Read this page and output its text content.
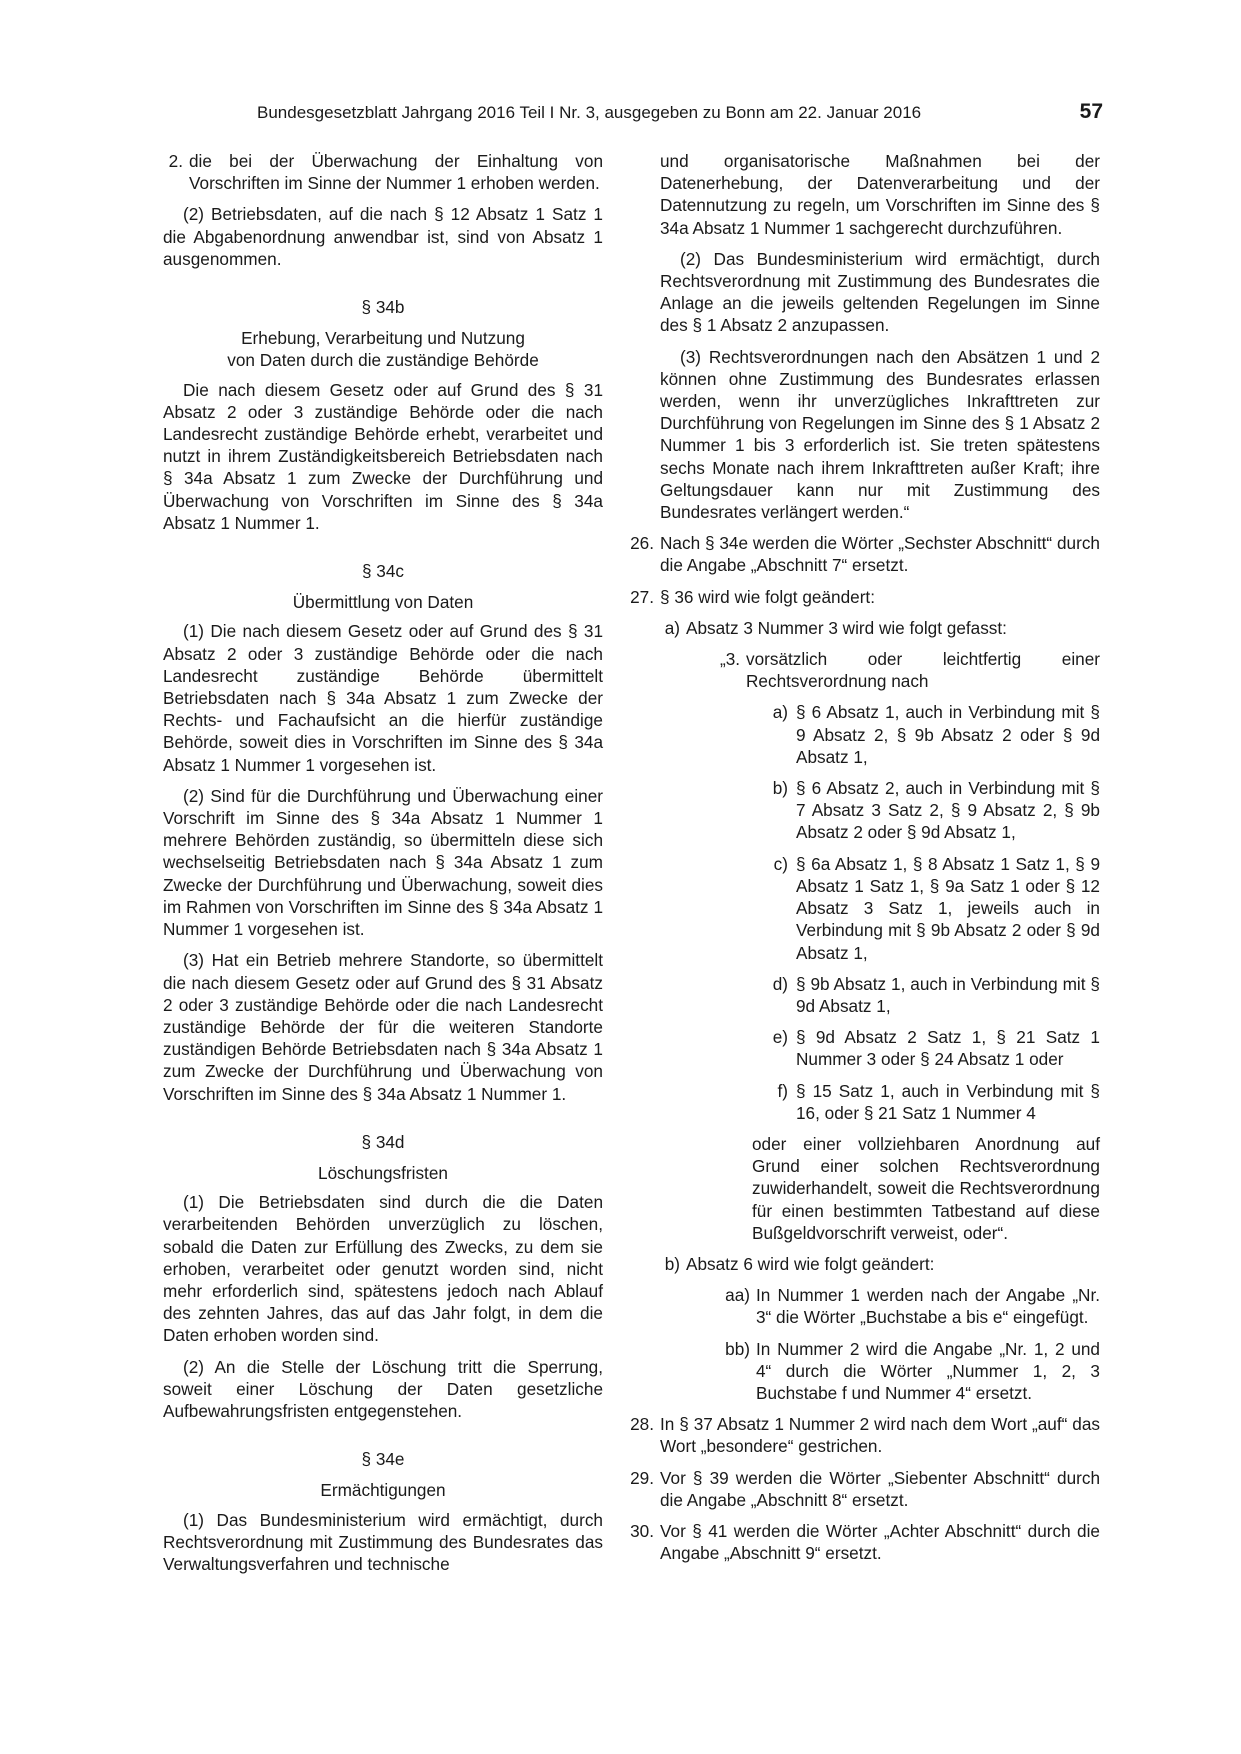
Bundesgesetzblatt Jahrgang 2016 Teil I Nr. 3, ausgegeben zu Bonn am 22. Januar 2016	57
2. die bei der Überwachung der Einhaltung von Vorschriften im Sinne der Nummer 1 erhoben werden.

(2) Betriebsdaten, auf die nach § 12 Absatz 1 Satz 1 die Abgabenordnung anwendbar ist, sind von Absatz 1 ausgenommen.

§ 34b
Erhebung, Verarbeitung und Nutzung
von Daten durch die zuständige Behörde

Die nach diesem Gesetz oder auf Grund des § 31 Absatz 2 oder 3 zuständige Behörde oder die nach Landesrecht zuständige Behörde erhebt, verarbeitet und nutzt in ihrem Zuständigkeitsbereich Betriebsdaten nach § 34a Absatz 1 zum Zwecke der Durchführung und Überwachung von Vorschriften im Sinne des § 34a Absatz 1 Nummer 1.

§ 34c
Übermittlung von Daten

(1) Die nach diesem Gesetz oder auf Grund des § 31 Absatz 2 oder 3 zuständige Behörde oder die nach Landesrecht zuständige Behörde übermittelt Betriebsdaten nach § 34a Absatz 1 zum Zwecke der Rechts- und Fachaufsicht an die hierfür zuständige Behörde, soweit dies in Vorschriften im Sinne des § 34a Absatz 1 Nummer 1 vorgesehen ist.

(2) Sind für die Durchführung und Überwachung einer Vorschrift im Sinne des § 34a Absatz 1 Nummer 1 mehrere Behörden zuständig, so übermitteln diese sich wechselseitig Betriebsdaten nach § 34a Absatz 1 zum Zwecke der Durchführung und Überwachung, soweit dies im Rahmen von Vorschriften im Sinne des § 34a Absatz 1 Nummer 1 vorgesehen ist.

(3) Hat ein Betrieb mehrere Standorte, so übermittelt die nach diesem Gesetz oder auf Grund des § 31 Absatz 2 oder 3 zuständige Behörde oder die nach Landesrecht zuständige Behörde der für die weiteren Standorte zuständigen Behörde Betriebsdaten nach § 34a Absatz 1 zum Zwecke der Durchführung und Überwachung von Vorschriften im Sinne des § 34a Absatz 1 Nummer 1.

§ 34d
Löschungsfristen

(1) Die Betriebsdaten sind durch die die Daten verarbeitenden Behörden unverzüglich zu löschen, sobald die Daten zur Erfüllung des Zwecks, zu dem sie erhoben, verarbeitet oder genutzt worden sind, nicht mehr erforderlich sind, spätestens jedoch nach Ablauf des zehnten Jahres, das auf das Jahr folgt, in dem die Daten erhoben worden sind.

(2) An die Stelle der Löschung tritt die Sperrung, soweit einer Löschung der Daten gesetzliche Aufbewahrungsfristen entgegenstehen.

§ 34e
Ermächtigungen

(1) Das Bundesministerium wird ermächtigt, durch Rechtsverordnung mit Zustimmung des Bundesrates das Verwaltungsverfahren und technische

und organisatorische Maßnahmen bei der Datenerhebung, der Datenverarbeitung und der Datennutzung zu regeln, um Vorschriften im Sinne des § 34a Absatz 1 Nummer 1 sachgerecht durchzuführen.

(2) Das Bundesministerium wird ermächtigt, durch Rechtsverordnung mit Zustimmung des Bundesrates die Anlage an die jeweils geltenden Regelungen im Sinne des § 1 Absatz 2 anzupassen.

(3) Rechtsverordnungen nach den Absätzen 1 und 2 können ohne Zustimmung des Bundesrates erlassen werden, wenn ihr unverzügliches Inkrafttreten zur Durchführung von Regelungen im Sinne des § 1 Absatz 2 Nummer 1 bis 3 erforderlich ist. Sie treten spätestens sechs Monate nach ihrem Inkrafttreten außer Kraft; ihre Geltungsdauer kann nur mit Zustimmung des Bundesrates verlängert werden.“

26. Nach § 34e werden die Wörter „Sechster Abschnitt“ durch die Angabe „Abschnitt 7“ ersetzt.
27. § 36 wird wie folgt geändert:
a) Absatz 3 Nummer 3 wird wie folgt gefasst:
„3. vorsätzlich oder leichtfertig einer Rechtsverordnung nach
a) § 6 Absatz 1, auch in Verbindung mit § 9 Absatz 2, § 9b Absatz 2 oder § 9d Absatz 1,
b) § 6 Absatz 2, auch in Verbindung mit § 7 Absatz 3 Satz 2, § 9 Absatz 2, § 9b Absatz 2 oder § 9d Absatz 1,
c) § 6a Absatz 1, § 8 Absatz 1 Satz 1, § 9 Absatz 1 Satz 1, § 9a Satz 1 oder § 12 Absatz 3 Satz 1, jeweils auch in Verbindung mit § 9b Absatz 2 oder § 9d Absatz 1,
d) § 9b Absatz 1, auch in Verbindung mit § 9d Absatz 1,
e) § 9d Absatz 2 Satz 1, § 21 Satz 1 Nummer 3 oder § 24 Absatz 1 oder
f) § 15 Satz 1, auch in Verbindung mit § 16, oder § 21 Satz 1 Nummer 4
oder einer vollziehbaren Anordnung auf Grund einer solchen Rechtsverordnung zuwiderhandelt, soweit die Rechtsverordnung für einen bestimmten Tatbestand auf diese Bußgeldvorschrift verweist, oder“.
b) Absatz 6 wird wie folgt geändert:
aa) In Nummer 1 werden nach der Angabe „Nr. 3“ die Wörter „Buchstabe a bis e“ eingefügt.
bb) In Nummer 2 wird die Angabe „Nr. 1, 2 und 4“ durch die Wörter „Nummer 1, 2, 3 Buchstabe f und Nummer 4“ ersetzt.
28. In § 37 Absatz 1 Nummer 2 wird nach dem Wort „auf“ das Wort „besondere“ gestrichen.
29. Vor § 39 werden die Wörter „Siebenter Abschnitt“ durch die Angabe „Abschnitt 8“ ersetzt.
30. Vor § 41 werden die Wörter „Achter Abschnitt“ durch die Angabe „Abschnitt 9“ ersetzt.
